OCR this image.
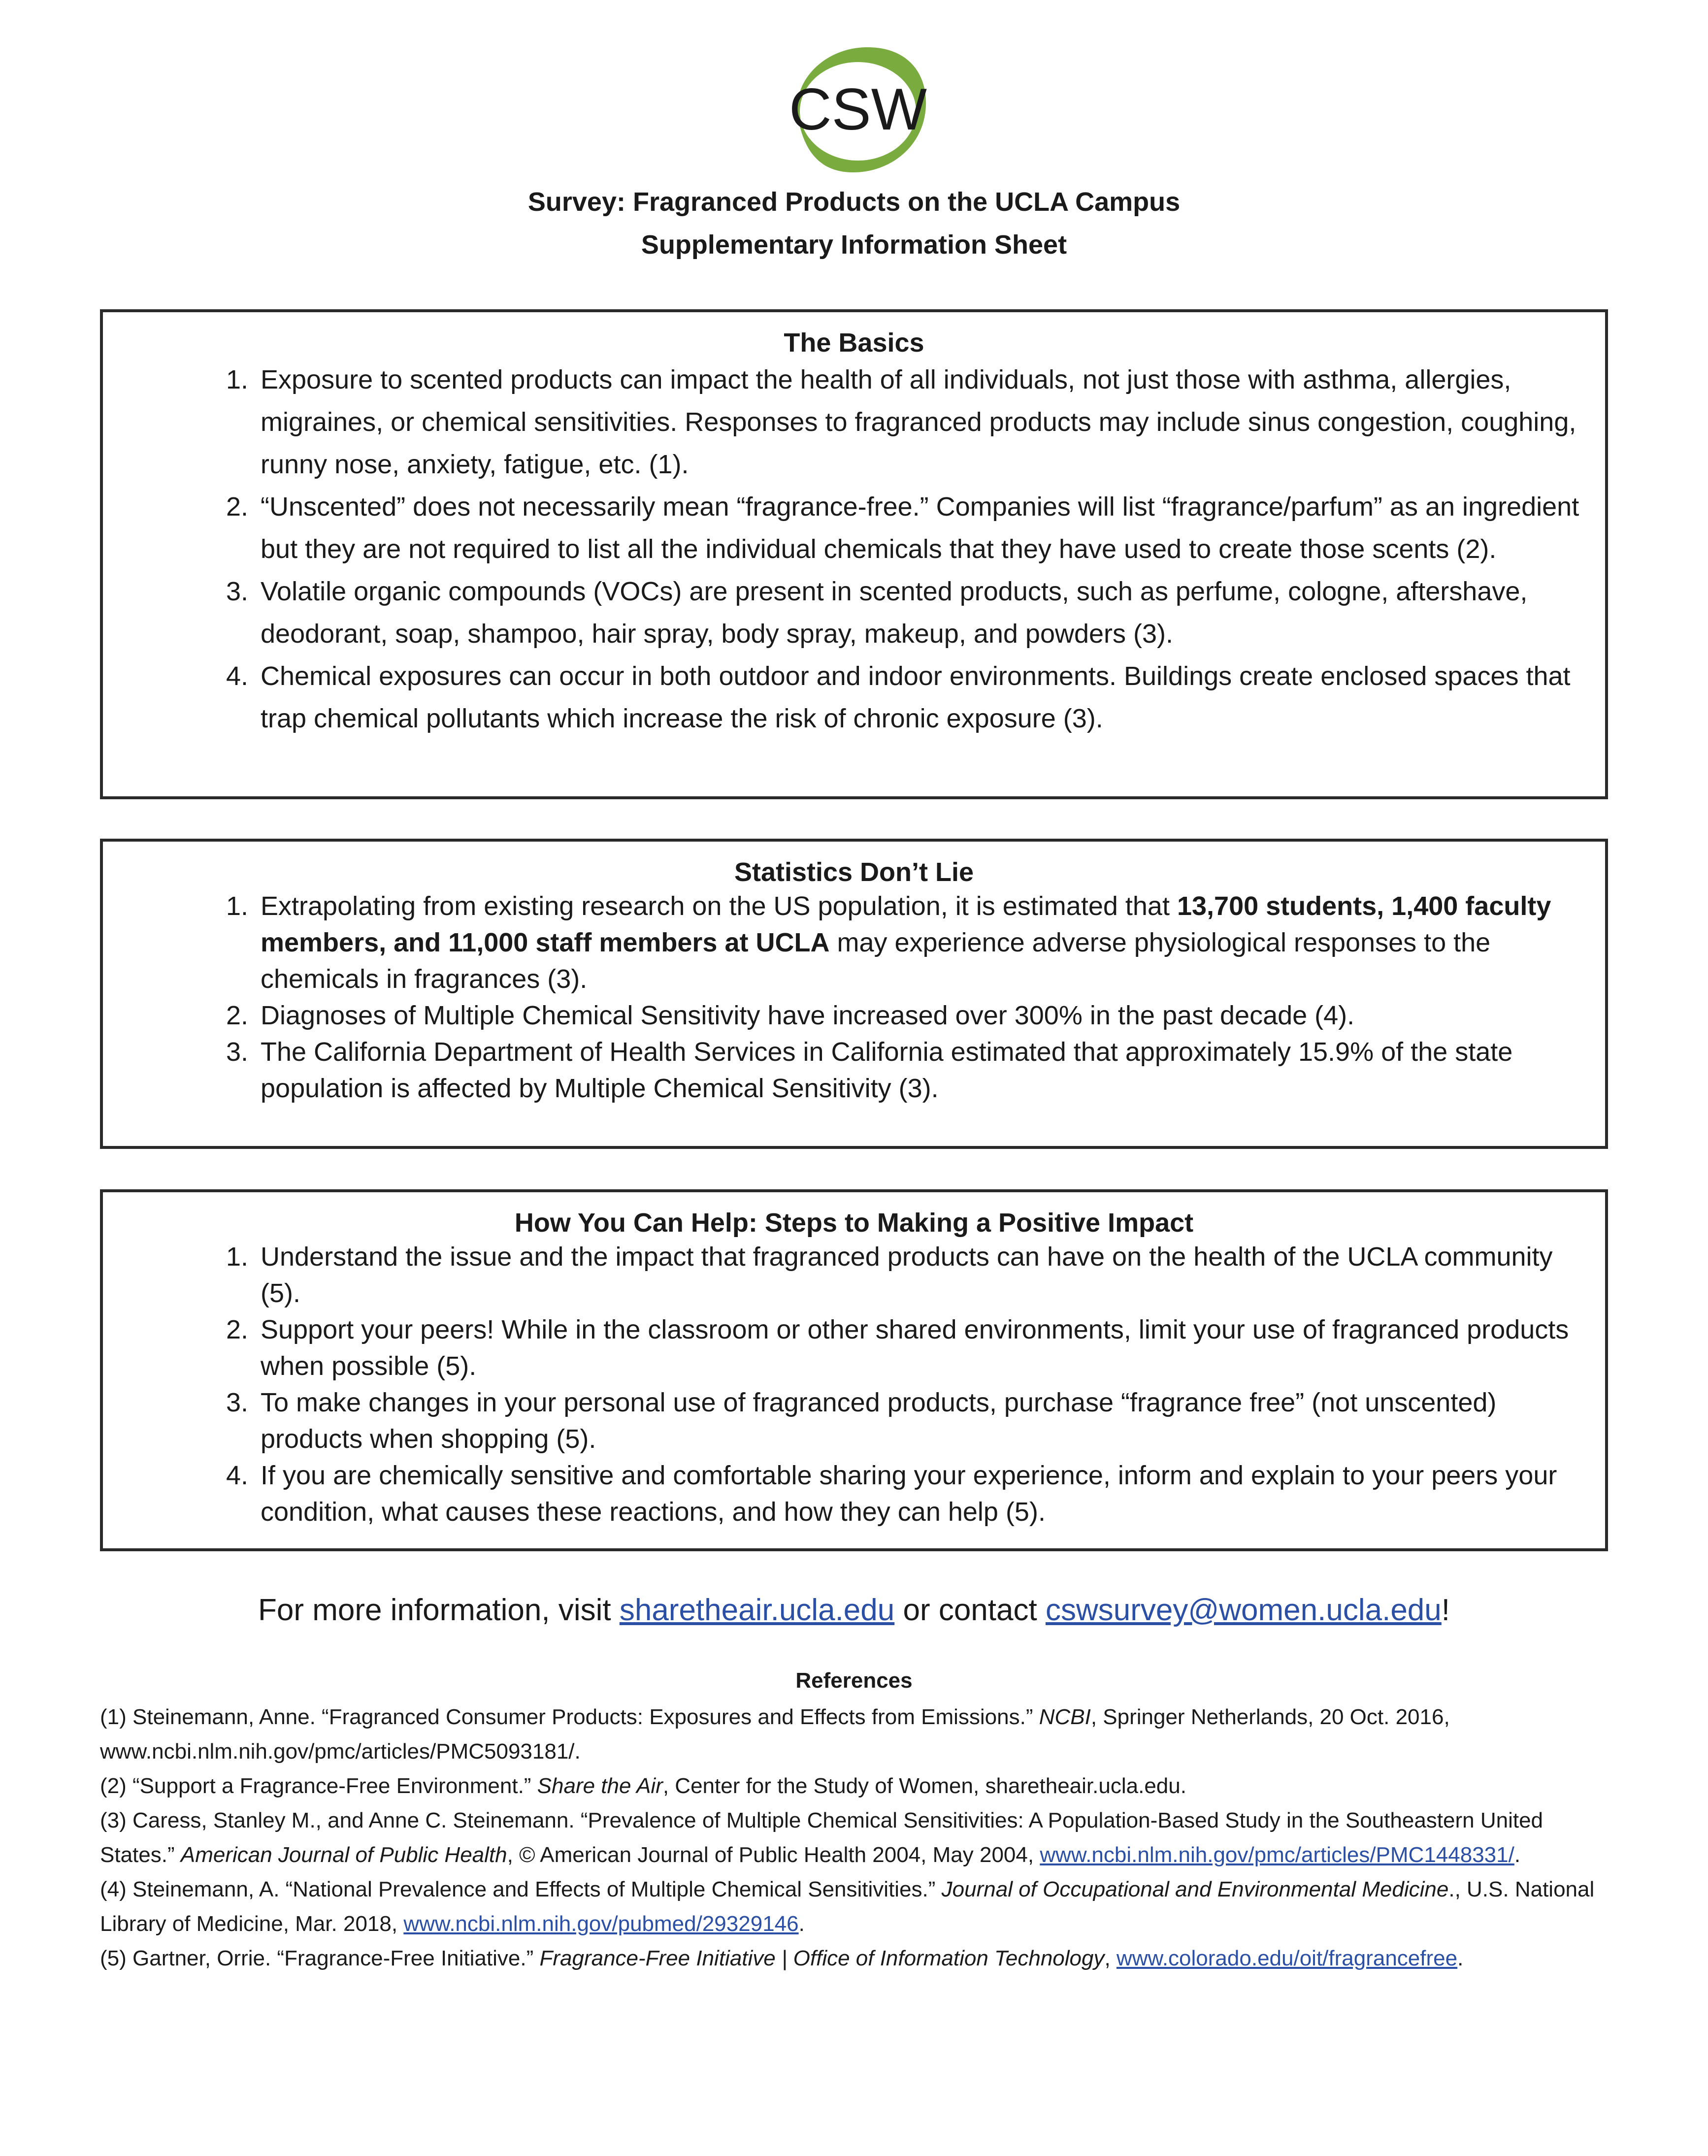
CSW
Survey: Fragranced Products on the UCLA Campus
Supplementary Information Sheet
The Basics
1. Exposure to scented products can impact the health of all individuals, not just those with asthma, allergies, migraines, or chemical sensitivities. Responses to fragranced products may include sinus congestion, coughing, runny nose, anxiety, fatigue, etc. (1).
2. “Unscented” does not necessarily mean “fragrance-free.” Companies will list “fragrance/parfum” as an ingredient but they are not required to list all the individual chemicals that they have used to create those scents (2).
3. Volatile organic compounds (VOCs) are present in scented products, such as perfume, cologne, aftershave, deodorant, soap, shampoo, hair spray, body spray, makeup, and powders (3).
4. Chemical exposures can occur in both outdoor and indoor environments. Buildings create enclosed spaces that trap chemical pollutants which increase the risk of chronic exposure (3).
Statistics Don’t Lie
1. Extrapolating from existing research on the US population, it is estimated that 13,700 students, 1,400 faculty members, and 11,000 staff members at UCLA may experience adverse physiological responses to the chemicals in fragrances (3).
2. Diagnoses of Multiple Chemical Sensitivity have increased over 300% in the past decade (4).
3. The California Department of Health Services in California estimated that approximately 15.9% of the state population is affected by Multiple Chemical Sensitivity (3).
How You Can Help: Steps to Making a Positive Impact
1. Understand the issue and the impact that fragranced products can have on the health of the UCLA community (5).
2. Support your peers! While in the classroom or other shared environments, limit your use of fragranced products when possible (5).
3. To make changes in your personal use of fragranced products, purchase “fragrance free” (not unscented) products when shopping (5).
4. If you are chemically sensitive and comfortable sharing your experience, inform and explain to your peers your condition, what causes these reactions, and how they can help (5).
For more information, visit sharetheair.ucla.edu or contact cswsurvey@women.ucla.edu!
References

(1) Steinemann, Anne. “Fragranced Consumer Products: Exposures and Effects from Emissions.” NCBI, Springer Netherlands, 20 Oct. 2016, www.ncbi.nlm.nih.gov/pmc/articles/PMC5093181/.

(2) “Support a Fragrance-Free Environment.” Share the Air, Center for the Study of Women, sharetheair.ucla.edu.

(3) Caress, Stanley M., and Anne C. Steinemann. “Prevalence of Multiple Chemical Sensitivities: A Population-Based Study in the Southeastern United States.” American Journal of Public Health, © American Journal of Public Health 2004, May 2004, www.ncbi.nlm.nih.gov/pmc/articles/PMC1448331/.

(4) Steinemann, A. “National Prevalence and Effects of Multiple Chemical Sensitivities.” Journal of Occupational and Environmental Medicine., U.S. National Library of Medicine, Mar. 2018, www.ncbi.nlm.nih.gov/pubmed/29329146.

(5) Gartner, Orrie. “Fragrance-Free Initiative.” Fragrance-Free Initiative | Office of Information Technology, www.colorado.edu/oit/fragrancefree.
